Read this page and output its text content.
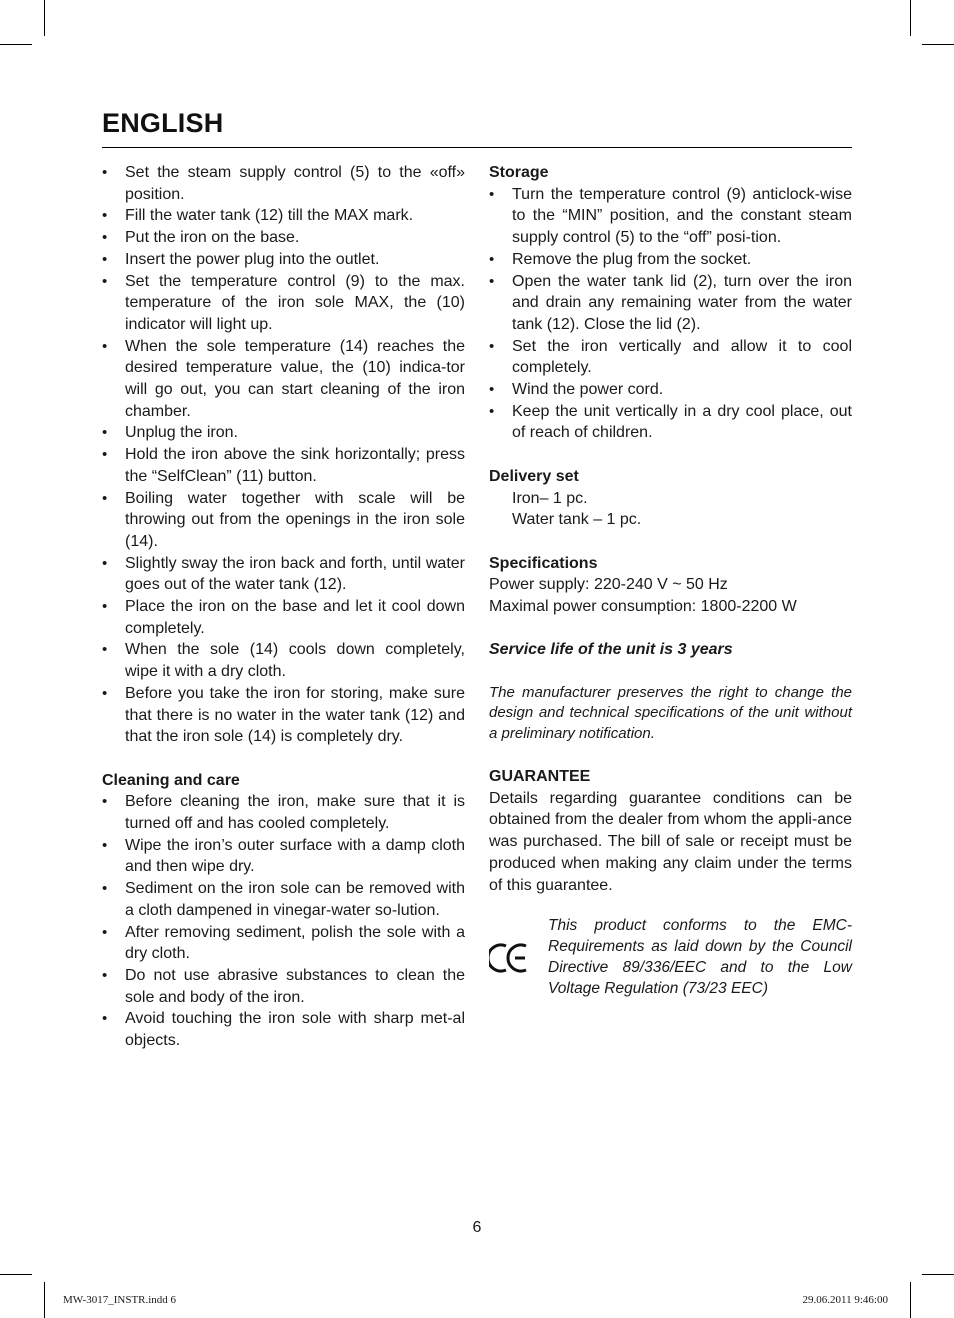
ENGLISH
• Set the steam supply control (5) to the «off» position.
• Fill the water tank (12) till the MAX mark.
• Put the iron on the base.
• Insert the power plug into the outlet.
• Set the temperature control (9) to the max. temperature of the iron sole MAX, the (10) indicator will light up.
• When the sole temperature (14) reaches the desired temperature value, the (10) indica-tor will go out, you can start cleaning of the iron chamber.
• Unplug the iron.
• Hold the iron above the sink horizontally; press the “SelfClean” (11) button.
• Boiling water together with scale will be throwing out from the openings in the iron sole (14).
• Slightly sway the iron back and forth, until water goes out of the water tank (12).
• Place the iron on the base and let it cool down completely.
• When the sole (14) cools down completely, wipe it with a dry cloth.
• Before you take the iron for storing, make sure that there is no water in the water tank (12) and that the iron sole (14) is completely dry.

Cleaning and care

• Before cleaning the iron, make sure that it is turned off and has cooled completely.
• Wipe the iron’s outer surface with a damp cloth and then wipe dry.
• Sediment on the iron sole can be removed with a cloth dampened in vinegar-water so-lution.
• After removing sediment, polish the sole with a dry cloth.
• Do not use abrasive substances to clean the sole and body of the iron.
• Avoid touching the iron sole with sharp met-al objects.

Storage

• Turn the temperature control (9) anticlock-wise to the “MIN” position, and the constant steam supply control (5) to the “off” posi-tion.
• Remove the plug from the socket.
• Open the water tank lid (2), turn over the iron and drain any remaining water from the water tank (12). Close the lid (2).
• Set the iron vertically and allow it to cool completely.
• Wind the power cord.
• Keep the unit vertically in a dry cool place, out of reach of children.

Delivery set

Iron– 1 pc.
Water tank – 1 pc.

Specifications

Power supply: 220-240 V ~ 50 Hz
Maximal power consumption: 1800-2200 W
Service life of the unit is 3 years
The manufacturer preserves the right to change the design and technical specifications of the unit without a preliminary notification.

GUARANTEE

Details regarding guarantee conditions can be obtained from the dealer from whom the appli-ance was purchased. The bill of sale or receipt must be produced when making any claim under the terms of this guarantee.
This product conforms to the EMC-Requirements as laid down by the Council Directive 89/336/EEC and to the Low Voltage Regulation (73/23 EEC)
6
MW-3017_INSTR.indd 6	29.06.2011 9:46:00
